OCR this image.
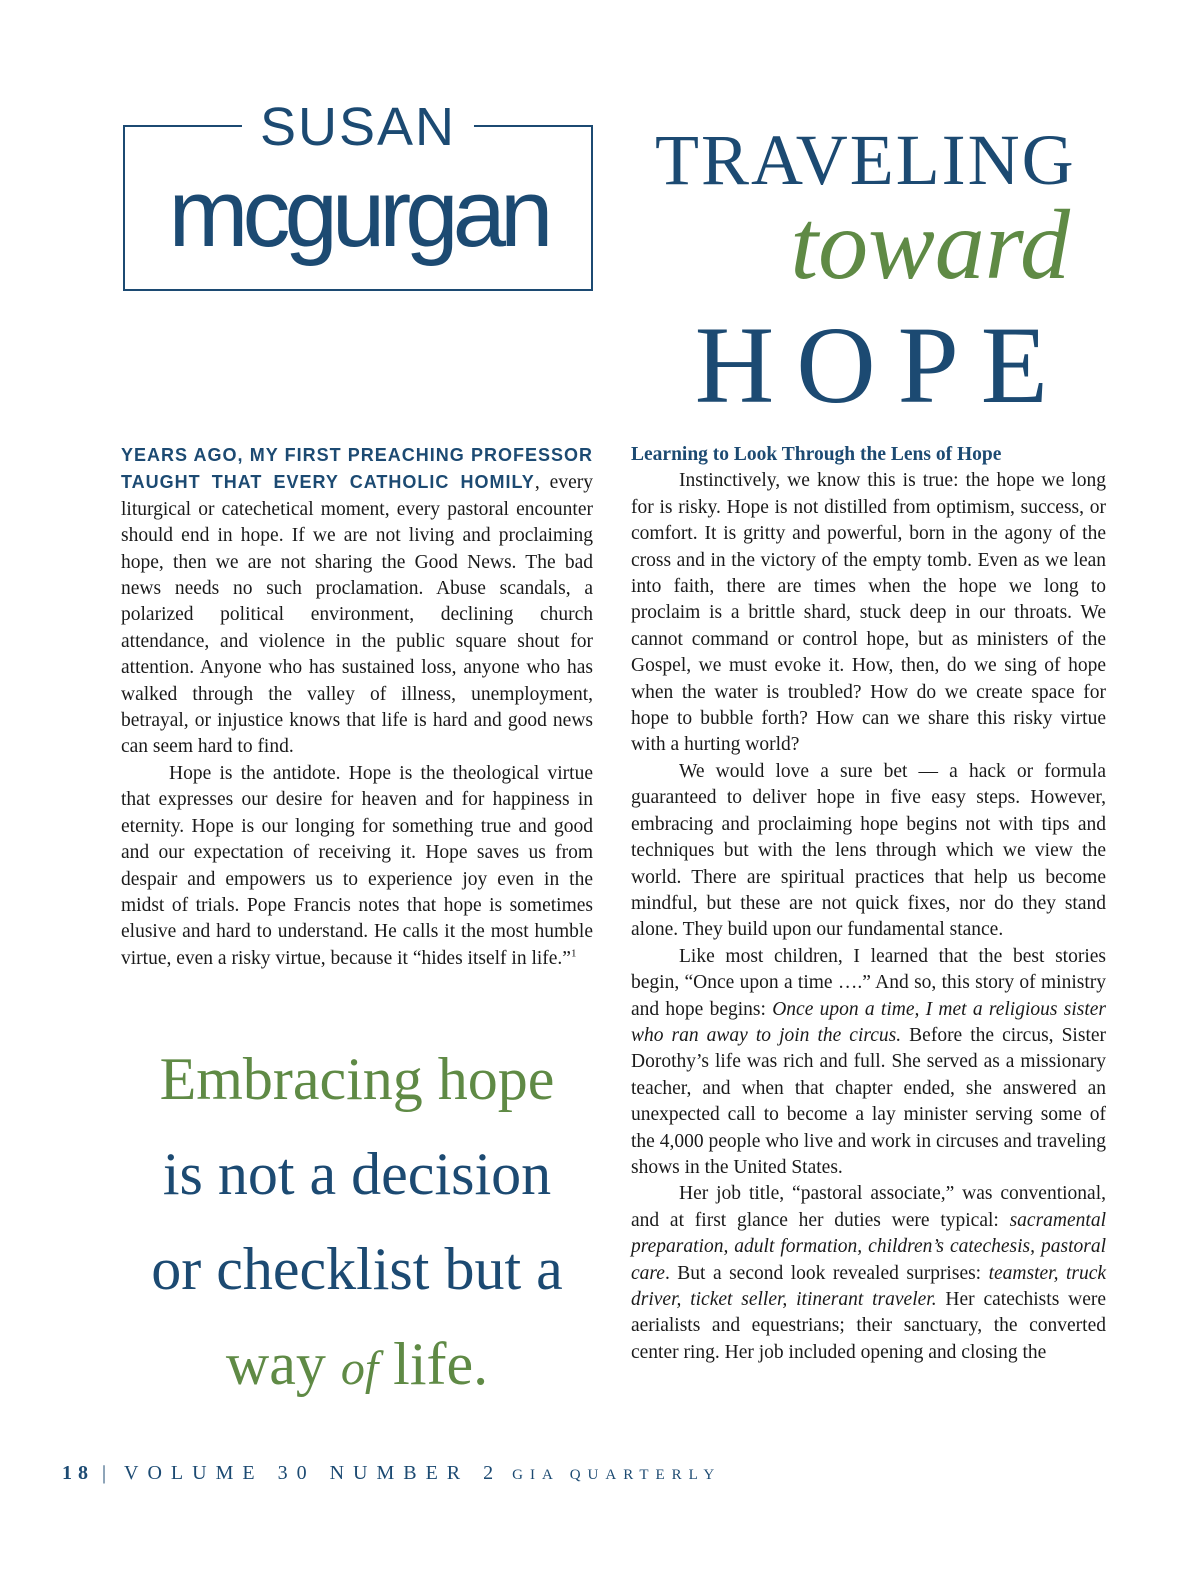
SUSAN
mcgurgan	TRAVELING
toward
HOPE

YEARS AGO, MY FIRST PREACHING PROFESSOR TAUGHT THAT EVERY CATHOLIC HOMILY, every liturgical or catechetical moment, every pastoral encounter should end in hope. If we are not living and proclaiming hope, then we are not sharing the Good News. The bad news needs no such proclamation. Abuse scandals, a polarized political environment, declining church attendance, and violence in the public square shout for attention. Anyone who has sustained loss, anyone who has walked through the valley of illness, unemployment, betrayal, or injustice knows that life is hard and good news can seem hard to find.

Hope is the antidote. Hope is the theological virtue that expresses our desire for heaven and for happiness in eternity. Hope is our longing for something true and good and our expectation of receiving it. Hope saves us from despair and empowers us to experience joy even in the midst of trials. Pope Francis notes that hope is sometimes elusive and hard to understand. He calls it the most humble virtue, even a risky virtue, because it “hides itself in life.”$^1$

Embracing hope
is not a decision
or checklist but a
way of life.

Learning to Look Through the Lens of Hope

Instinctively, we know this is true: the hope we long for is risky. Hope is not distilled from optimism, success, or comfort. It is gritty and powerful, born in the agony of the cross and in the victory of the empty tomb. Even as we lean into faith, there are times when the hope we long to proclaim is a brittle shard, stuck deep in our throats. We cannot command or control hope, but as ministers of the Gospel, we must evoke it. How, then, do we sing of hope when the water is troubled? How do we create space for hope to bubble forth? How can we share this risky virtue with a hurting world?

We would love a sure bet — a hack or formula guaranteed to deliver hope in five easy steps. However, embracing and proclaiming hope begins not with tips and techniques but with the lens through which we view the world. There are spiritual practices that help us become mindful, but these are not quick fixes, nor do they stand alone. They build upon our fundamental stance.

Like most children, I learned that the best stories begin, “Once upon a time ….” And so, this story of ministry and hope begins: Once upon a time, I met a religious sister who ran away to join the circus. Before the circus, Sister Dorothy’s life was rich and full. She served as a missionary teacher, and when that chapter ended, she answered an unexpected call to become a lay minister serving some of the 4,000 people who live and work in circuses and traveling shows in the United States.

Her job title, “pastoral associate,” was conventional, and at first glance her duties were typical: sacramental preparation, adult formation, children’s catechesis, pastoral care. But a second look revealed surprises: teamster, truck driver, ticket seller, itinerant traveler. Her catechists were aerialists and equestrians; their sanctuary, the converted center ring. Her job included opening and closing the

18 | VOLUME 30 NUMBER 2 GIA QUARTERLY
